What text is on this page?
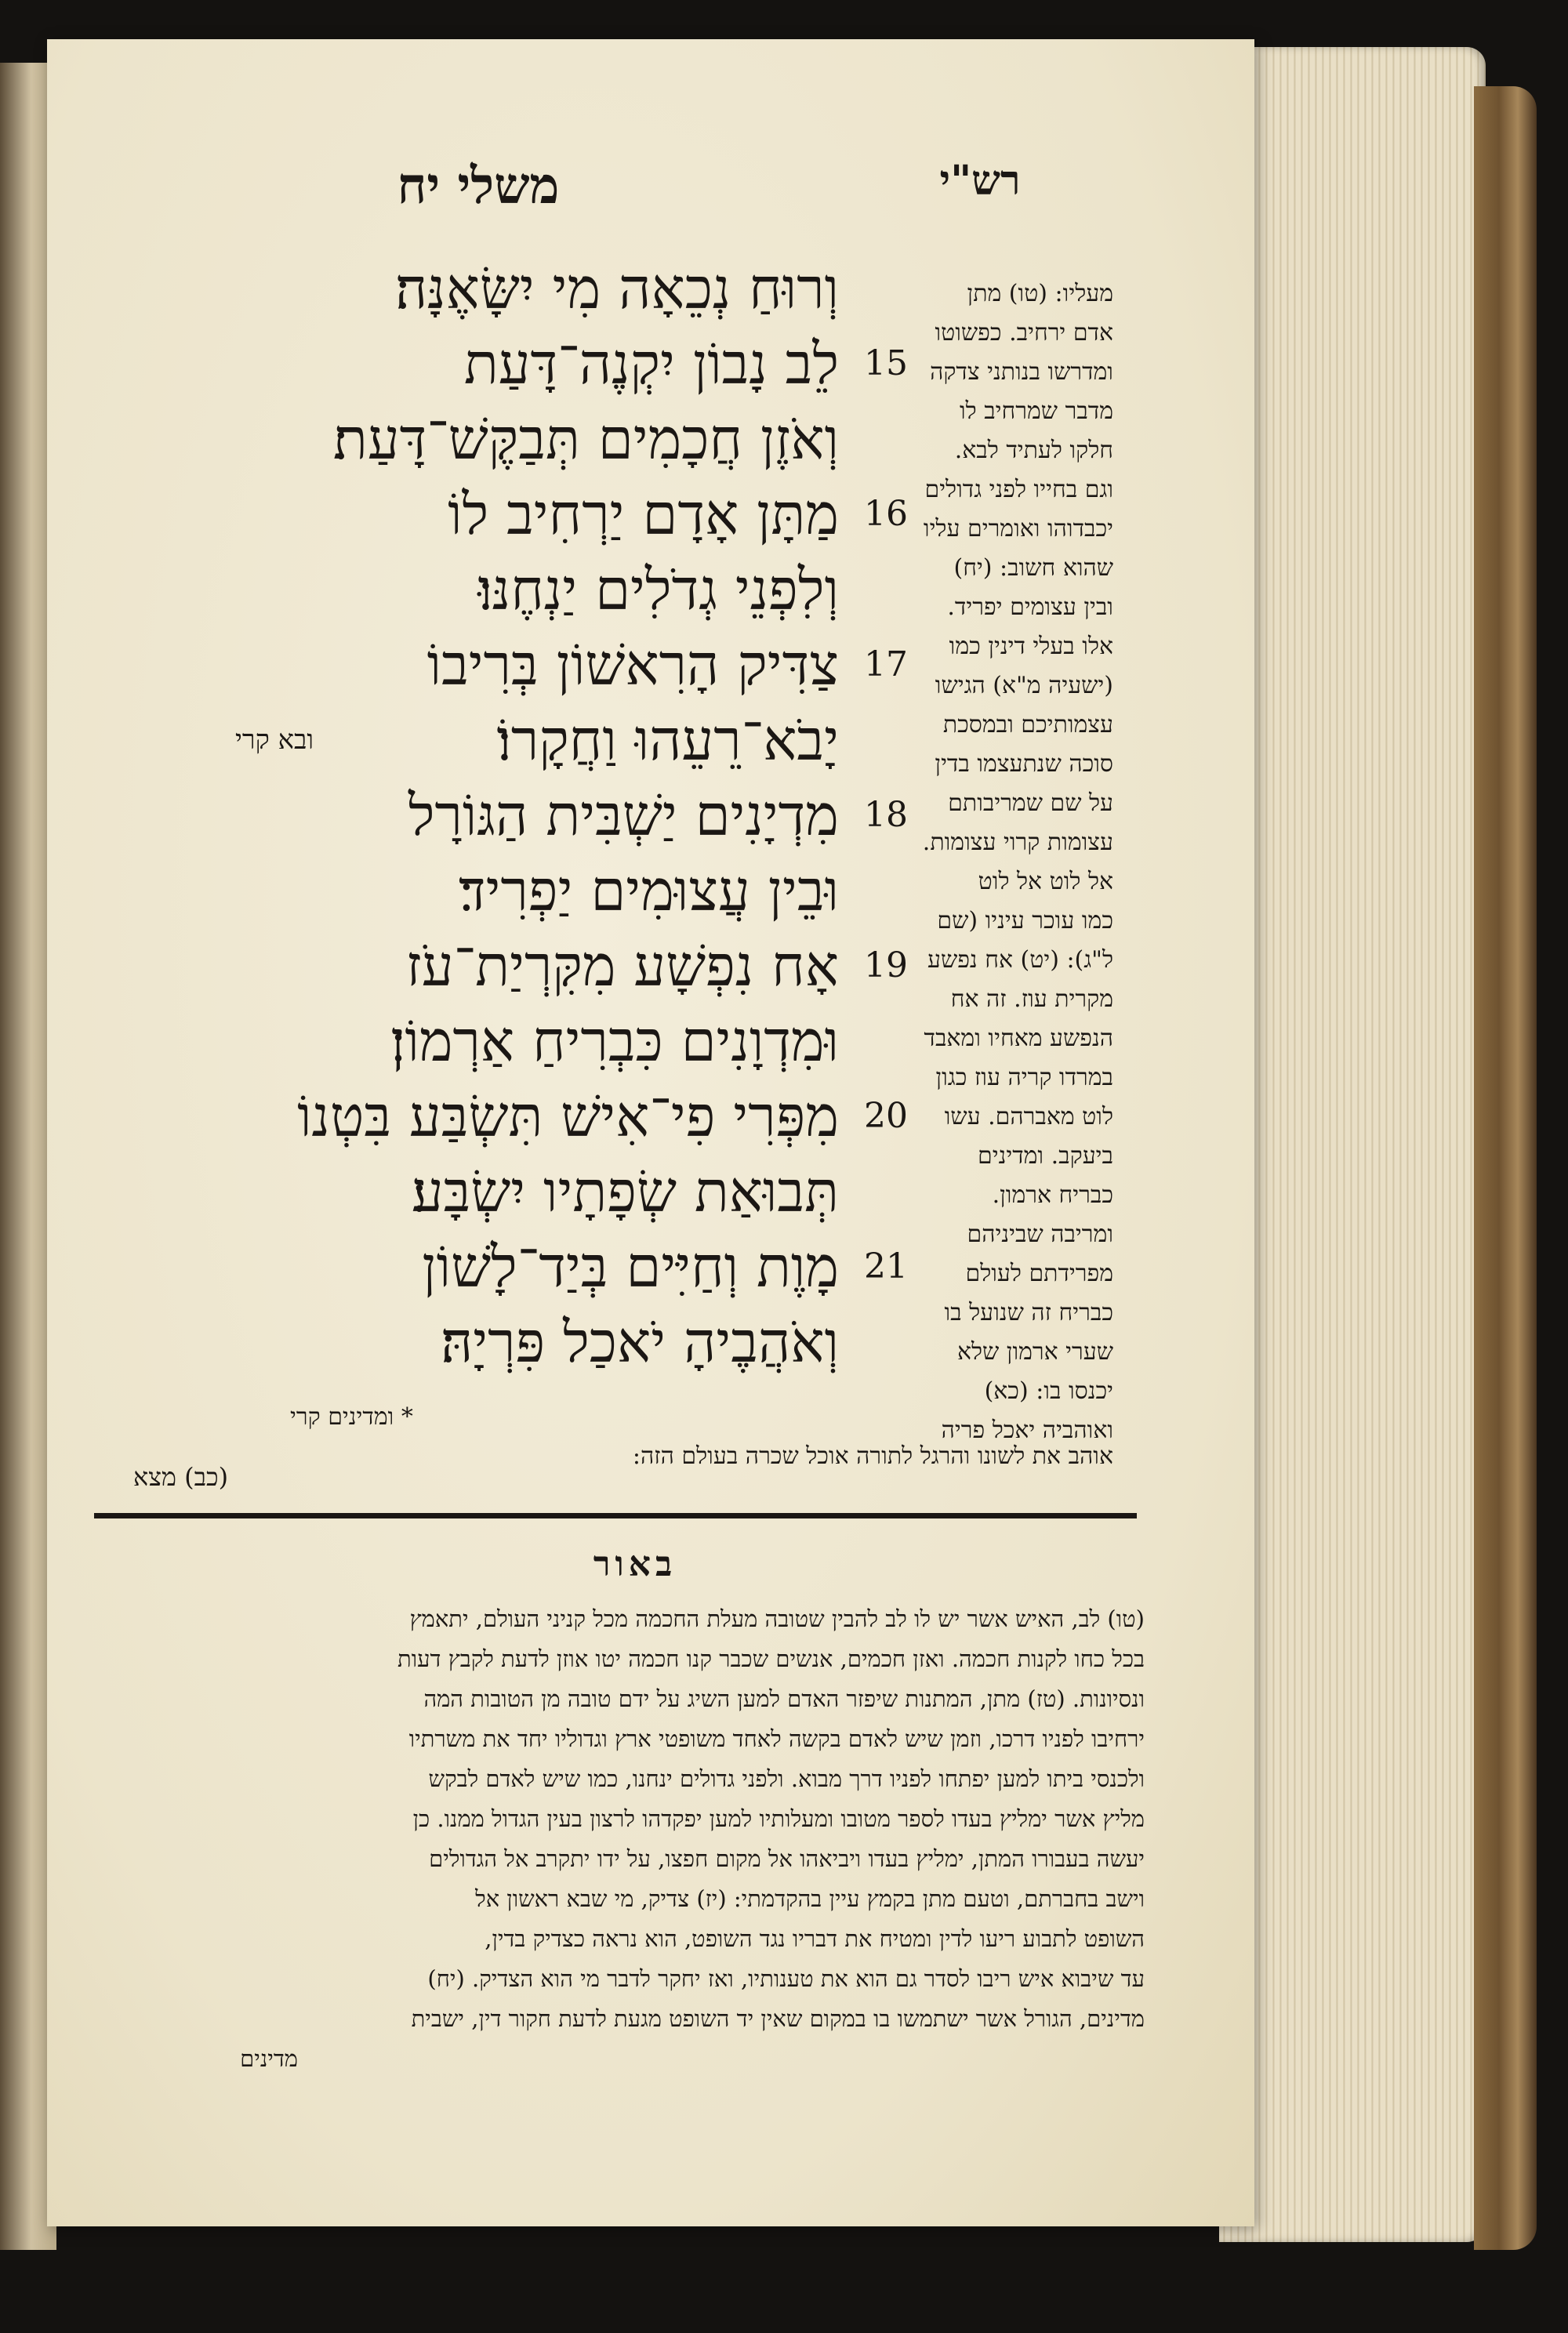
משלי יח	רש"י
וְרוּחַ נְכֵאָה מִי יִשָּׂאֶנָּה׃
לֵב נָבוֹן יִקְנֶה־דָּעַת
וְאֹזֶן חֲכָמִים תְּבַקֶּשׁ־דָּעַת׃
מַתָּן אָדָם יַרְחִיב לוֹ
וְלִפְנֵי גְדֹלִים יַנְחֶנּוּ׃
צַדִּיק הָרִאשׁוֹן בְּרִיבוֹ
יָבֹא־רֵעֵהוּ וַחֲקָרוֹ׃
מִדְיָנִים יַשְׁבִּית הַגּוֹרָל
וּבֵין עֲצוּמִים יַפְרִיד׃
אָח נִפְשָׁע מִקִּרְיַת־עֹז
וּמִדְוָנִים כִּבְרִיחַ אַרְמוֹן׃
מִפְּרִי פִי־אִישׁ תִּשְׂבַּע בִּטְנוֹ
תְּבוּאַת שְׂפָתָיו יִשְׂבָּע׃
מָוֶת וְחַיִּים בְּיַד־לָשׁוֹן
וְאֹהֲבֶיהָ יֹאכַל פִּרְיָהּ׃
15
16
17
18
19
20
21
ובא קרי
* ומדינים קרי
מעליו: (טו) מתן
אדם ירחיב. כפשוטו
ומדרשו בנותני צדקה
מדבר שמרחיב לו
חלקו לעתיד לבא.
וגם בחייו לפני גדולים
יכבדוהו ואומרים עליו
שהוא חשוב: (יח)
ובין עצומים יפריד.
אלו בעלי דינין כמו
(ישעיה מ"א) הגישו
עצמותיכם ובמסכת
סוכה שנתעצמו בדין
על שם שמריבותם
עצומות קרוי עצומות.
אל לוט אל לוט
כמו עוכר עיניו (שם
ל"ג): (יט) אח נפשע
מקרית עוז. זה אח
הנפשע מאחיו ומאבד
במרדו קריה עוז כגון
לוט מאברהם. עשו
ביעקב. ומדינים
כבריח ארמון.
ומריבה שביניהם
מפרידתם לעולם
כבריח זה שנועל בו
שערי ארמון שלא
יכנסו בו: (כא)
ואוהביה יאכל פריה
אוהב את לשונו והרגל לתורה אוכל שכרה בעולם הזה:
(כב) מצא
באור
(טו) לב, האיש אשר יש לו לב להבין שטובה מעלת החכמה מכל קניני העולם, יתאמץ
בכל כחו לקנות חכמה. ואזן חכמים, אנשים שכבר קנו חכמה יטו אוזן לדעת לקבץ דעות
ונסיונות. (טז) מתן, המתנות שיפזר האדם למען השיג על ידם טובה מן הטובות המה
ירחיבו לפניו דרכו, וזמן שיש לאדם בקשה לאחד משופטי ארץ וגדוליו יחד את משרתיו
ולכנסי ביתו למען יפתחו לפניו דרך מבוא. ולפני גדולים ינחנו, כמו שיש לאדם לבקש
מליץ אשר ימליץ בעדו לספר מטובו ומעלותיו למען יפקדהו לרצון בעין הגדול ממנו. כן
יעשה בעבורו המתן, ימליץ בעדו ויביאהו אל מקום חפצו, על ידו יתקרב אל הגדולים
וישב בחברתם, וטעם מתן בקמץ עיין בהקדמתי: (יז) צדיק, מי שבא ראשון אל
השופט לתבוע ריעו לדין ומטיח את דבריו נגד השופט, הוא נראה כצדיק בדין,
עד שיבוא איש ריבו לסדר גם הוא את טענותיו, ואז יחקר לדבר מי הוא הצדיק. (יח)
מדינים, הגורל אשר ישתמשו בו במקום שאין יד השופט מגעת לדעת חקור דין, ישבית
מדינים
